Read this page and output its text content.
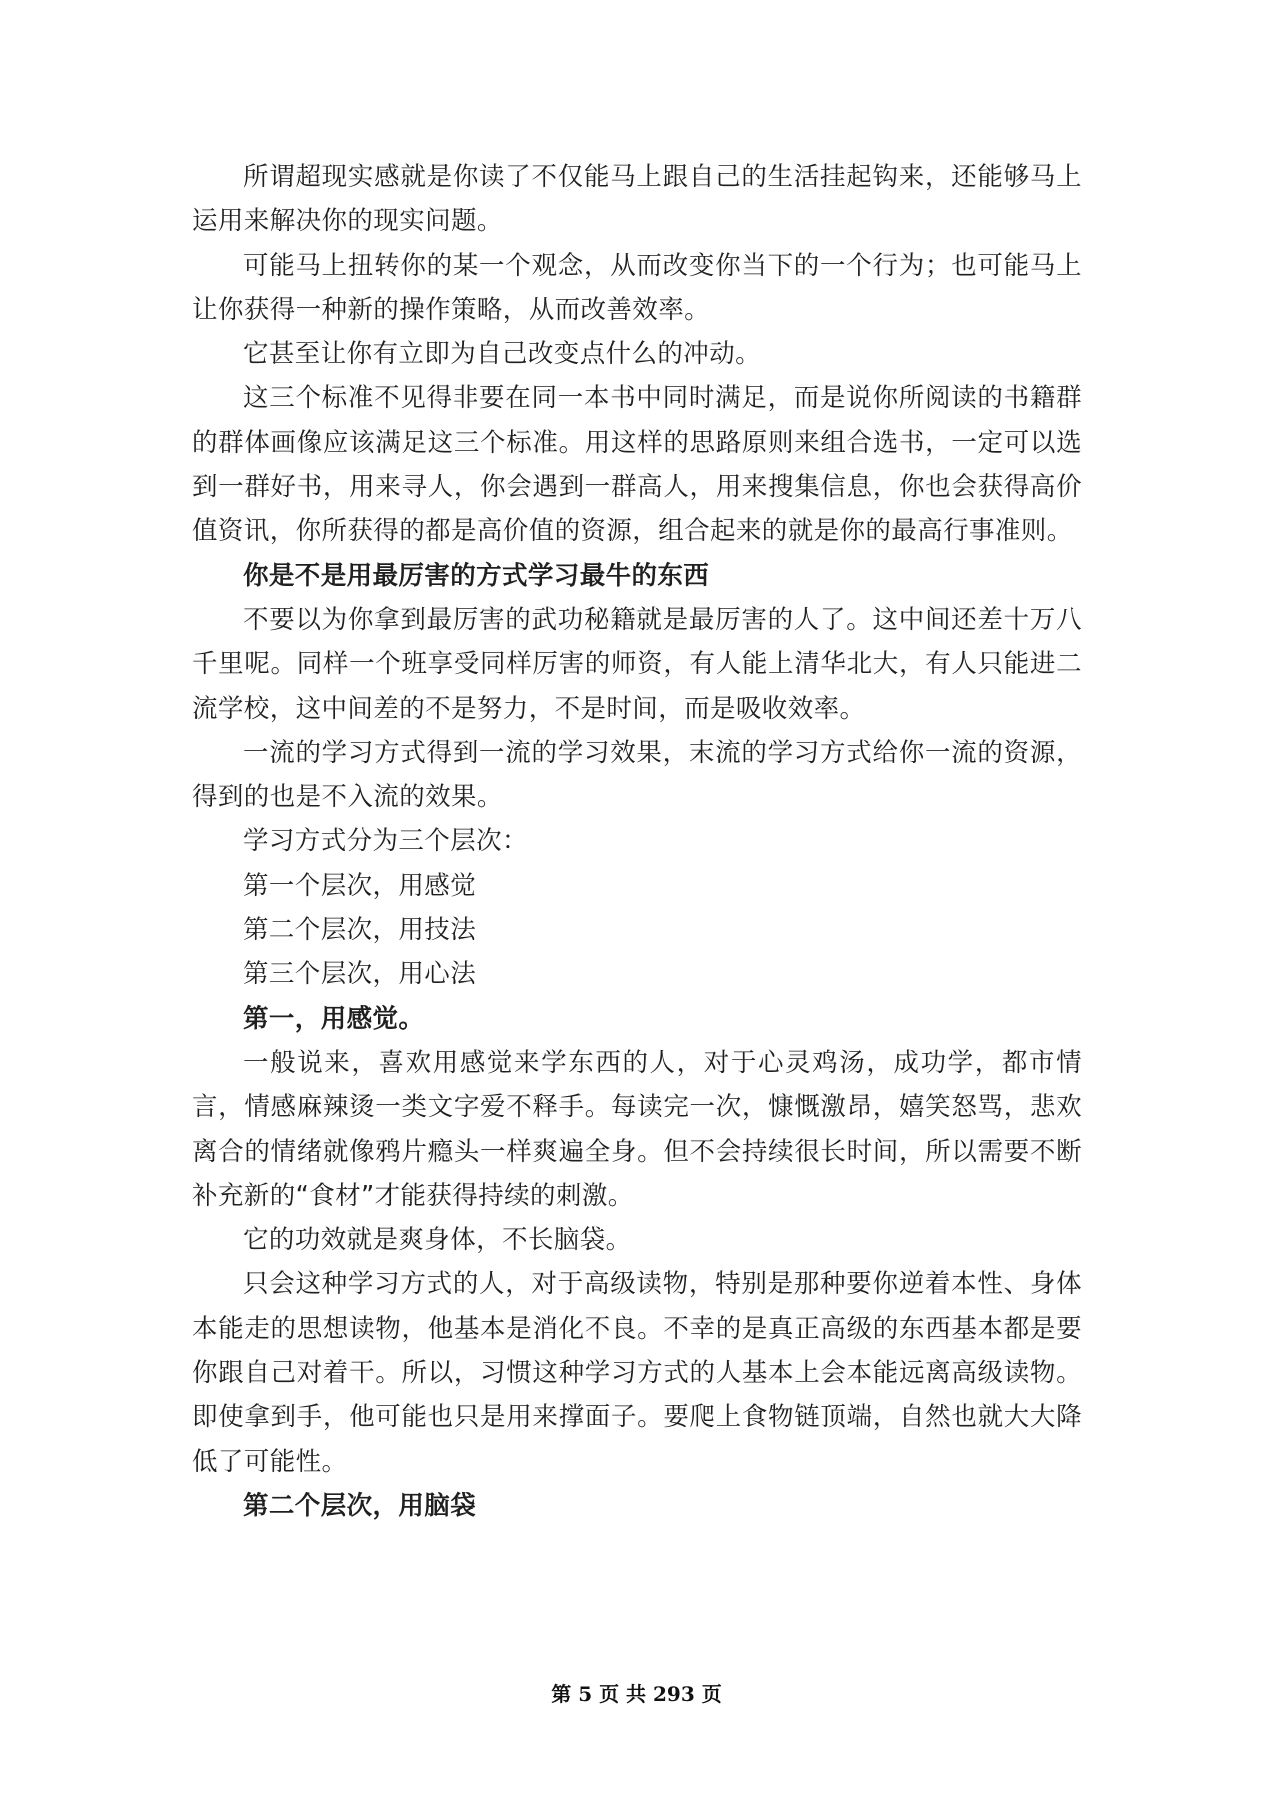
所谓超现实感就是你读了不仅能马上跟自己的生活挂起钩来，还能够马上运用来解决你的现实问题。

可能马上扭转你的某一个观念，从而改变你当下的一个行为；也可能马上让你获得一种新的操作策略，从而改善效率。

它甚至让你有立即为自己改变点什么的冲动。

这三个标准不见得非要在同一本书中同时满足，而是说你所阅读的书籍群的群体画像应该满足这三个标准。用这样的思路原则来组合选书，一定可以选到一群好书，用来寻人，你会遇到一群高人，用来搜集信息，你也会获得高价值资讯，你所获得的都是高价值的资源，组合起来的就是你的最高行事准则。

你是不是用最厉害的方式学习最牛的东西

不要以为你拿到最厉害的武功秘籍就是最厉害的人了。这中间还差十万八千里呢。同样一个班享受同样厉害的师资，有人能上清华北大，有人只能进二流学校，这中间差的不是努力，不是时间，而是吸收效率。

一流的学习方式得到一流的学习效果，末流的学习方式给你一流的资源，得到的也是不入流的效果。

学习方式分为三个层次：

第一个层次，用感觉

第二个层次，用技法

第三个层次，用心法

第一，用感觉。

一般说来，喜欢用感觉来学东西的人，对于心灵鸡汤，成功学，都市情言，情感麻辣烫一类文字爱不释手。每读完一次，慷慨激昂，嬉笑怒骂，悲欢离合的情绪就像鸦片瘾头一样爽遍全身。但不会持续很长时间，所以需要不断补充新的“食材”才能获得持续的刺激。

它的功效就是爽身体，不长脑袋。

只会这种学习方式的人，对于高级读物，特别是那种要你逆着本性、身体本能走的思想读物，他基本是消化不良。不幸的是真正高级的东西基本都是要你跟自己对着干。所以，习惯这种学习方式的人基本上会本能远离高级读物。即使拿到手，他可能也只是用来撑面子。要爬上食物链顶端，自然也就大大降低了可能性。

第二个层次，用脑袋

第 5 页 共 293 页
